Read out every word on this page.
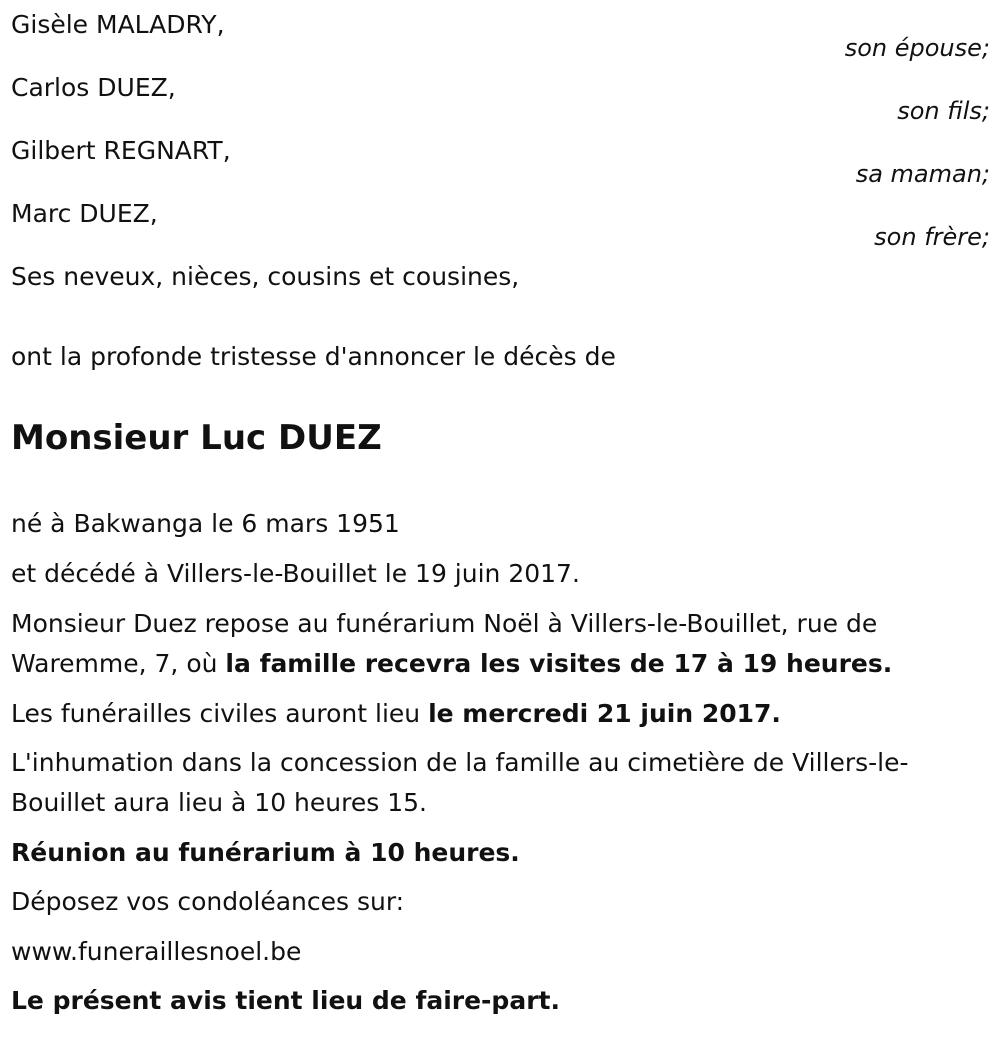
Gisèle MALADRY,
son épouse;
Carlos DUEZ,
son fils;
Gilbert REGNART,
sa maman;
Marc DUEZ,
son frère;
Ses neveux, nièces, cousins et cousines,
ont la profonde tristesse d'annoncer le décès de
Monsieur Luc DUEZ
né à Bakwanga le 6 mars 1951
et décédé à Villers-le-Bouillet le 19 juin 2017.
Monsieur Duez repose au funérarium Noël à Villers-le-Bouillet, rue de Waremme, 7, où la famille recevra les visites de 17 à 19 heures.
Les funérailles civiles auront lieu le mercredi 21 juin 2017.
L'inhumation dans la concession de la famille au cimetière de Villers-le-Bouillet aura lieu à 10 heures 15.
Réunion au funérarium à 10 heures.
Déposez vos condoléances sur:
www.funeraillesnoel.be
Le présent avis tient lieu de faire-part.
